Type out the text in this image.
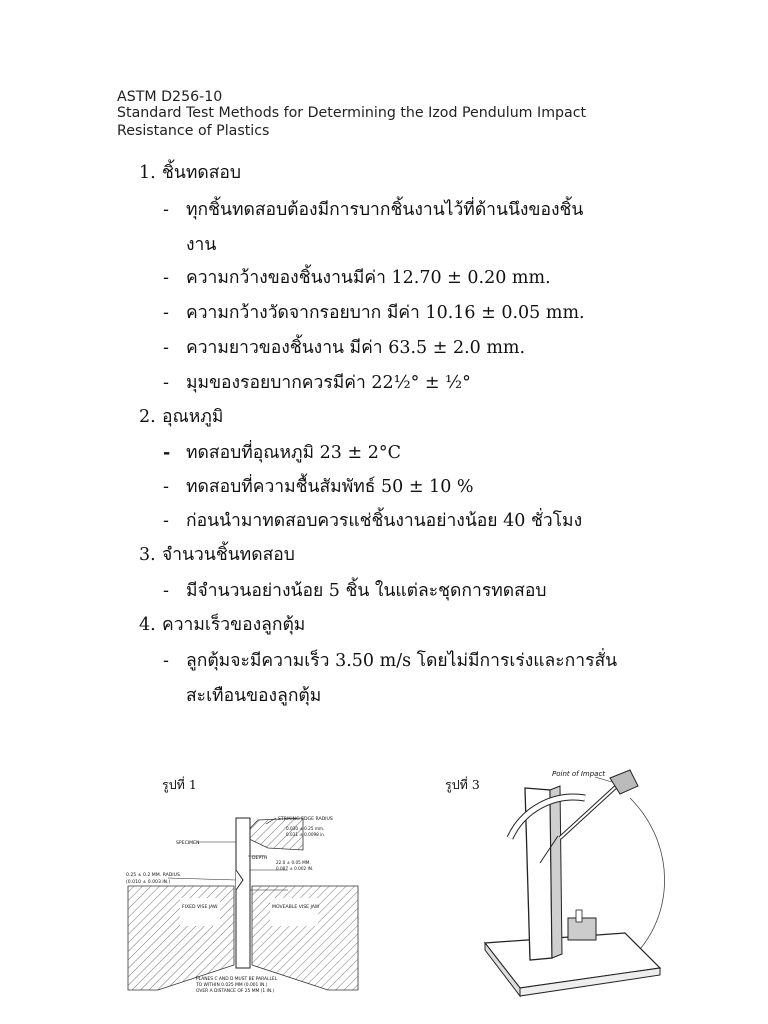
ASTM D256-10
Standard Test Methods for Determining the Izod Pendulum Impact
Resistance of Plastics
1. ชิ้นทดสอบ
- ทุกชิ้นทดสอบต้องมีการบากชิ้นงานไว้ที่ด้านนึงของชิ้น
งาน
- ความกว้างของชิ้นงานมีค่า 12.70 ± 0.20 mm.
- ความกว้างวัดจากรอยบาก มีค่า 10.16 ± 0.05 mm.
- ความยาวของชิ้นงาน มีค่า 63.5 ± 2.0 mm.
- มุมของรอยบากควรมีค่า 22½° ± ½°
2. อุณหภูมิ
- ทดสอบที่อุณหภูมิ 23 ± 2°C
- ทดสอบที่ความชื้นสัมพัทธ์ 50 ± 10 %
- ก่อนนำมาทดสอบควรแช่ชิ้นงานอย่างน้อย 40 ชั่วโมง
3. จำนวนชิ้นทดสอบ
- มีจำนวนอย่างน้อย 5 ชิ้น ในแต่ละชุดการทดสอบ
4. ความเร็วของลูกตุ้ม
- ลูกตุ้มจะมีความเร็ว 3.50 m/s โดยไม่มีการเร่งและการสั่น
สะเทือนของลูกตุ้ม
รูปที่ 1	รูปที่ 3
STRIKING EDGE RADIUS
0.030 ± 0.25 mm.
0.031 ± 0.0098 in.
SPECIMEN
DEPTH
22.0 ± 0.05 MM.
0.087 ± 0.002 IN.
0.25 ± 0.2 MM. RADIUS
(0.010 ± 0.003 IN.)
FIXED VISE JAW	MOVEABLE VISE JAW
PLANES C AND D MUST BE PARALLEL
TO WITHIN 0.025 MM (0.001 IN.)
OVER A DISTANCE OF 25 MM (1 IN.)
Point of Impact
